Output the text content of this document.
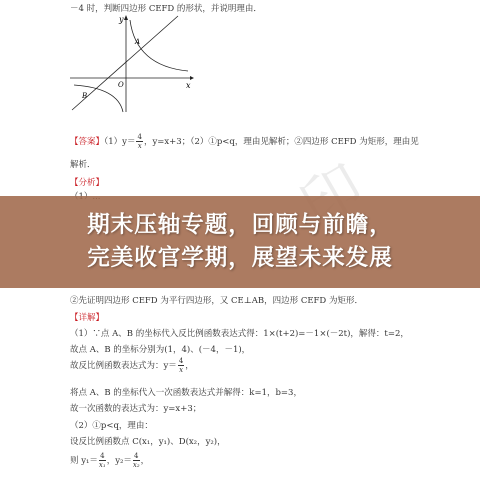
－4 时，判断四边形 CEFD 的形状，并说明理由．
y
x
O
A
B
【答案】$(1)y= \frac{4}{x}$ ，y=x+3；（2）①p<q，理由见解析；②四边形 CEFD 为矩形，理由见
解析．
【分析】
②先证明四边形 CEFD 为平行四边形，又 CE⊥AB，四边形 CEFD 为矩形．
【详解】
（1）∵点 A、B 的坐标代入反比例函数表达式得：1×(t+2)=－1×(－2t)，解得：t=2，
故点 A、B 的坐标分别为(1，4)、(－4，－1)，
故反比例函数表达式为：$y= \frac{4}{x}$ ，
将点 A、B 的坐标代入一次函数表达式并解得：k=1，b=3，
故一次函数的表达式为：y=x+3；
（2）①p<q，理由：
设反比例函数点 C(x₁，y₁)、D(x₂，y₂)，
则 $y_1= \frac{4}{\text{x₁}}$ ，$y_2= \frac{4}{\text{x₂}}$ ，
期末压轴专题，回顾与前瞻，
完美收官学期，展望未来发展
